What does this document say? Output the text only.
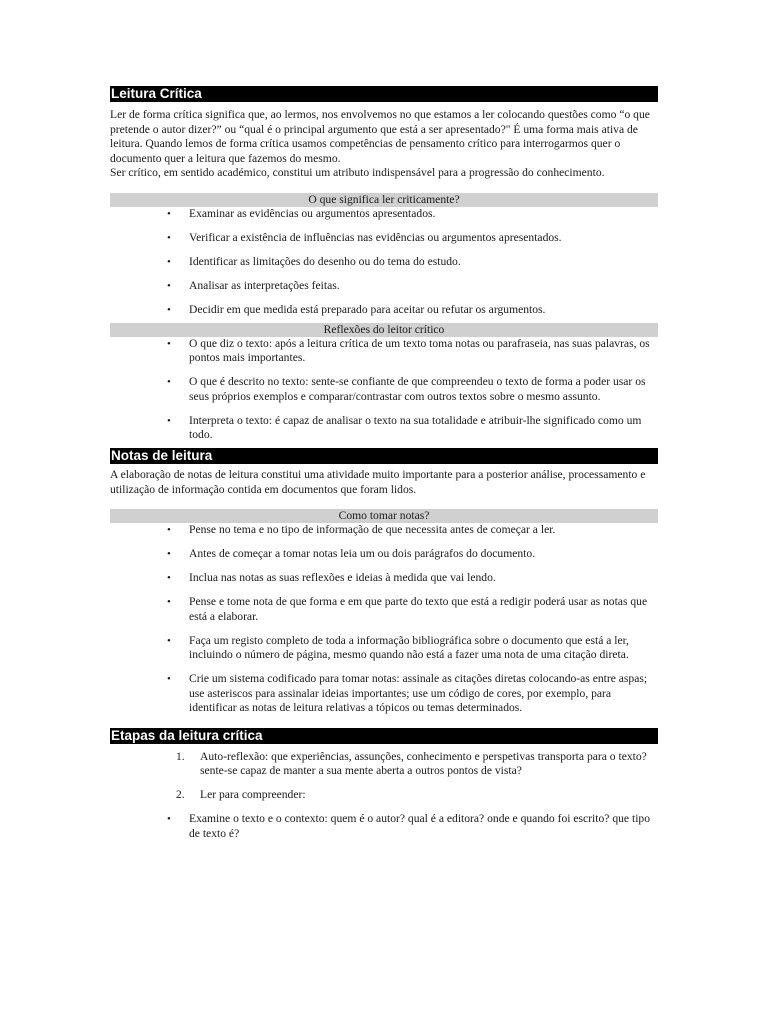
Leitura Crítica

Ler de forma crítica significa que, ao lermos, nos envolvemos no que estamos a ler colocando questões como “o que pretende o autor dizer?” ou “qual é o principal argumento que está a ser apresentado?" É uma forma mais ativa de leitura. Quando lemos de forma crítica usamos competências de pensamento crítico para interrogarmos quer o documento quer a leitura que fazemos do mesmo.

Ser crítico, em sentido académico, constitui um atributo indispensável para a progressão do conhecimento.

O que significa ler criticamente?
• Examinar as evidências ou argumentos apresentados.
• Verificar a existência de influências nas evidências ou argumentos apresentados.
• Identificar as limitações do desenho ou do tema do estudo.
• Analisar as interpretações feitas.
• Decidir em que medida está preparado para aceitar ou refutar os argumentos.
Reflexões do leitor crítico
• O que diz o texto: após a leitura crítica de um texto toma notas ou parafraseia, nas suas palavras, os pontos mais importantes.
• O que é descrito no texto: sente-se confiante de que compreendeu o texto de forma a poder usar os seus próprios exemplos e comparar/contrastar com outros textos sobre o mesmo assunto.
• Interpreta o texto: é capaz de analisar o texto na sua totalidade e atribuir-lhe significado como um todo.
Notas de leitura

A elaboração de notas de leitura constitui uma atividade muito importante para a posterior análise, processamento e utilização de informação contida em documentos que foram lidos.

Como tomar notas?
• Pense no tema e no tipo de informação de que necessita antes de começar a ler.
• Antes de começar a tomar notas leia um ou dois parágrafos do documento.
• Inclua nas notas as suas reflexões e ideias à medida que vai lendo.
• Pense e tome nota de que forma e em que parte do texto que está a redigir poderá usar as notas que está a elaborar.
• Faça um registo completo de toda a informação bibliográfica sobre o documento que está a ler, incluindo o número de página, mesmo quando não está a fazer uma nota de uma citação direta.
• Crie um sistema codificado para tomar notas: assinale as citações diretas colocando-as entre aspas; use asteriscos para assinalar ideias importantes; use um código de cores, por exemplo, para identificar as notas de leitura relativas a tópicos ou temas determinados.
Etapas da leitura crítica
1. Auto-reflexão: que experiências, assunções, conhecimento e perspetivas transporta para o texto? sente-se capaz de manter a sua mente aberta a outros pontos de vista?
2. Ler para compreender:
• Examine o texto e o contexto: quem é o autor? qual é a editora? onde e quando foi escrito? que tipo de texto é?
